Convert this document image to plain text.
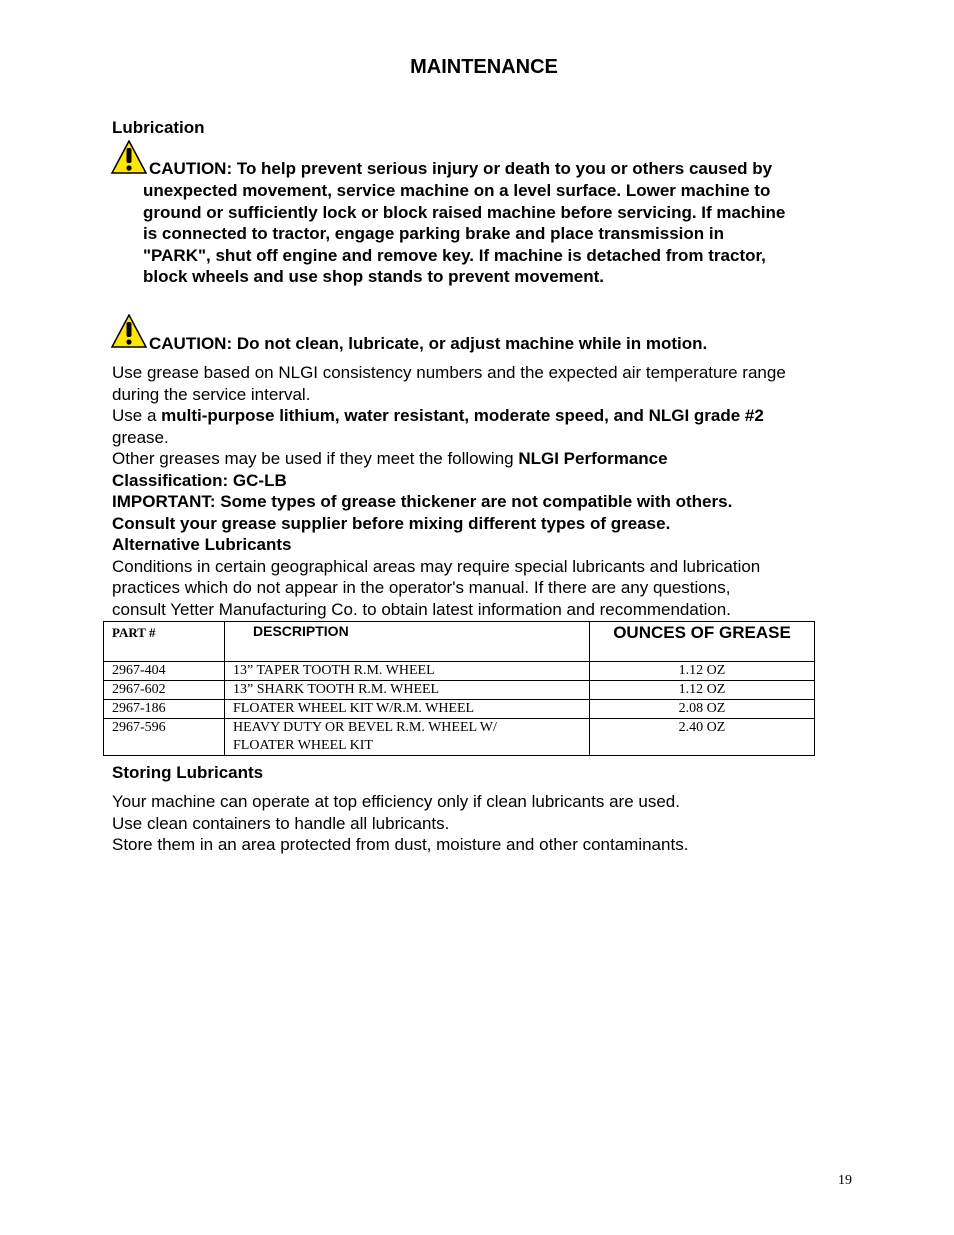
MAINTENANCE
Lubrication
CAUTION: To help prevent serious injury or death to you or others caused by
unexpected movement, service machine on a level surface. Lower machine to
ground or sufficiently lock or block raised machine before servicing. If machine
is connected to tractor, engage parking brake and place transmission in
"PARK", shut off engine and remove key. If machine is detached from tractor,
block wheels and use shop stands to prevent movement.
CAUTION: Do not clean, lubricate, or adjust machine while in motion.
Use grease based on NLGI consistency numbers and the expected air temperature range
during the service interval.
Use a multi-purpose lithium, water resistant, moderate speed, and NLGI grade #2
grease.
Other greases may be used if they meet the following NLGI Performance
Classification: GC-LB
IMPORTANT: Some types of grease thickener are not compatible with others.
Consult your grease supplier before mixing different types of grease.
Alternative Lubricants
Conditions in certain geographical areas may require special lubricants and lubrication
practices which do not appear in the operator's manual. If there are any questions,
consult Yetter Manufacturing Co. to obtain latest information and recommendation.
PART #	DESCRIPTION	OUNCES OF GREASE

2967-404	13” TAPER TOOTH R.M. WHEEL	1.12 OZ
2967-602	13” SHARK TOOTH R.M. WHEEL	1.12 OZ
2967-186	FLOATER WHEEL KIT W/R.M. WHEEL	2.08 OZ
2967-596	HEAVY DUTY OR BEVEL R.M. WHEEL W/
FLOATER WHEEL KIT	2.40 OZ
Storing Lubricants
Your machine can operate at top efficiency only if clean lubricants are used.
Use clean containers to handle all lubricants.
Store them in an area protected from dust, moisture and other contaminants.
19
